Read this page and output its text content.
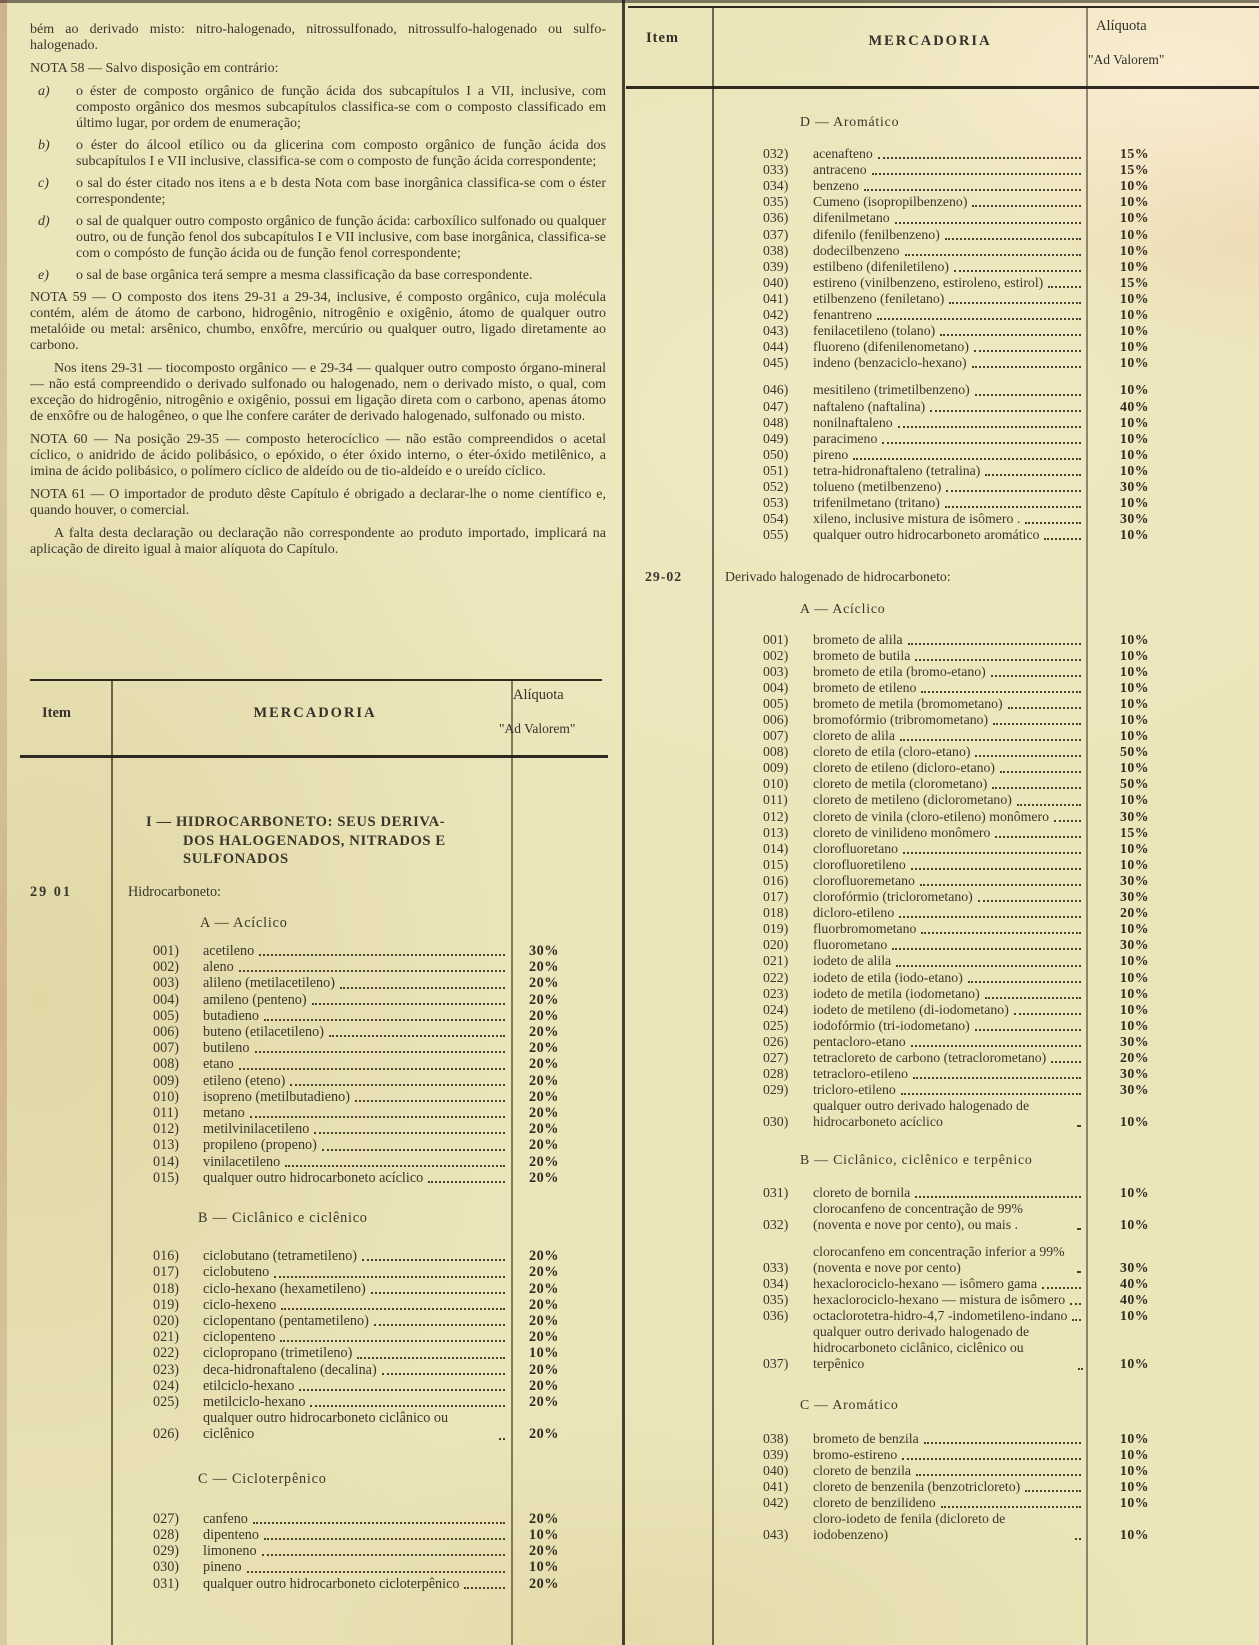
bém ao derivado misto: nitro-halogenado, nitrossulfonado, nitrossulfo-halogenado ou sulfo-halogenado.

NOTA 58 — Salvo disposição em contrário:

a)	o éster de composto orgânico de função ácida dos subcapítulos I a VII, inclusive, com composto orgânico dos mesmos subcapítulos classifica-se com o composto classificado em último lugar, por ordem de enumeração;
b)	o éster do álcool etílico ou da glicerina com composto orgânico de função ácida dos subcapítulos I e VII inclusive, classifica-se com o composto de função ácida correspondente;
c)	o sal do éster citado nos itens a e b desta Nota com base inorgânica classifica-se com o éster correspondente;
d)	o sal de qualquer outro composto orgânico de função ácida: carboxílico sulfonado ou qualquer outro, ou de função fenol dos subcapítulos I e VII inclusive, com base inorgânica, classifica-se com o compósto de função ácida ou de função fenol correspondente;
e)	o sal de base orgânica terá sempre a mesma classificação da base correspondente.

NOTA 59 — O composto dos itens 29-31 a 29-34, inclusive, é composto orgânico, cuja molécula contém, além de átomo de carbono, hidrogênio, nitrogênio e oxigênio, átomo de qualquer outro metalóide ou metal: arsênico, chumbo, enxôfre, mercúrio ou qualquer outro, ligado diretamente ao carbono.

Nos itens 29-31 — tiocomposto orgânico — e 29-34 — qualquer outro composto órgano-mineral — não está compreendido o derivado sulfonado ou halogenado, nem o derivado misto, o qual, com exceção do hidrogênio, nitrogênio e oxigênio, possui em ligação direta com o carbono, apenas átomo de enxôfre ou de halogêneo, o que lhe confere caráter de derivado halogenado, sulfonado ou misto.

NOTA 60 — Na posição 29-35 — composto heterocíclico — não estão compreendidos o acetal cíclico, o anidrido de ácido polibásico, o epóxido, o éter óxido interno, o éter-óxido metilênico, a imina de ácido polibásico, o polímero cíclico de aldeído ou de tio-aldeído e o ureído cíclico.

NOTA 61 — O importador de produto dêste Capítulo é obrigado a declarar-lhe o nome científico e, quando houver, o comercial.

A falta desta declaração ou declaração não correspondente ao produto importado, implicará na aplicação de direito igual à maior alíquota do Capítulo.

Item	MERCADORIA
Alíquota
"Ad Valorem"
Item	MERCADORIA
Alíquota
"Ad Valorem"
I — HIDROCARBONETO: SEUS DERIVA-
DOS HALOGENADOS, NITRADOS E
SULFONADOS
29 01	Hidrocarboneto:
A — Acíclico
001)	acetileno	30%
002)	aleno	20%
003)	alileno (metilacetileno)	20%
004)	amileno (penteno)	20%
005)	butadieno	20%
006)	buteno (etilacetileno)	20%
007)	butileno	20%
008)	etano	20%
009)	etileno (eteno)	20%
010)	isopreno (metilbutadieno)	20%
011)	metano	20%
012)	metilvinilacetileno	20%
013)	propileno (propeno)	20%
014)	vinilacetileno	20%
015)	qualquer outro hidrocarboneto acíclico	20%
B — Ciclânico e ciclênico
016)	ciclobutano (tetrametileno)	20%
017)	ciclobuteno	20%
018)	ciclo-hexano (hexametileno)	20%
019)	ciclo-hexeno	20%
020)	ciclopentano (pentametileno)	20%
021)	ciclopenteno	20%
022)	ciclopropano (trimetileno)	10%
023)	deca-hidronaftaleno (decalina)	20%
024)	etilciclo-hexano	20%
025)	metilciclo-hexano	20%
026)
qualquer outro hidrocarboneto ciclânico ou ciclênico	20%
C — Cicloterpênico
027)	canfeno	20%
028)	dipenteno	10%
029)	limoneno	20%
030)	pineno	10%
031)	qualquer outro hidrocarboneto cicloterpênico	20%
D — Aromático
032)	acenafteno	15%
033)	antraceno	15%
034)	benzeno	10%
035)	Cumeno (isopropilbenzeno)	10%
036)	difenilmetano	10%
037)	difenilo (fenilbenzeno)	10%
038)	dodecilbenzeno	10%
039)	estilbeno (difeniletileno)	10%
040)	estireno (vinilbenzeno, estiroleno, estirol)	15%
041)	etilbenzeno (feniletano)	10%
042)	fenantreno	10%
043)	fenilacetileno (tolano)	10%
044)	fluoreno (difenilenometano)	10%
045)	indeno (benzaciclo-hexano)	10%
046)	mesitileno (trimetilbenzeno)	10%
047)	naftaleno (naftalina)	40%
048)	nonilnaftaleno	10%
049)	paracimeno	10%
050)	pireno	10%
051)	tetra-hidronaftaleno (tetralina)	10%
052)	tolueno (metilbenzeno)	30%
053)	trifenilmetano (tritano)	10%
054)	xileno, inclusive mistura de isômero .	30%
055)	qualquer outro hidrocarboneto aromático	10%
29-02	Derivado halogenado de hidrocarboneto:
A — Acíclico
001)	brometo de alila	10%
002)	brometo de butila	10%
003)	brometo de etila (bromo-etano)	10%
004)	brometo de etileno	10%
005)	brometo de metila (bromometano)	10%
006)	bromofórmio (tribromometano)	10%
007)	cloreto de alila	10%
008)	cloreto de etila (cloro-etano)	50%
009)	cloreto de etileno (dicloro-etano)	10%
010)	cloreto de metila (clorometano)	50%
011)	cloreto de metileno (diclorometano)	10%
012)	cloreto de vinila (cloro-etileno) monômero	30%
013)	cloreto de vinilideno monômero	15%
014)	clorofluoretano	10%
015)	clorofluoretileno	10%
016)	clorofluoremetano	30%
017)	clorofórmio (triclorometano)	30%
018)	dicloro-etileno	20%
019)	fluorbromometano	10%
020)	fluorometano	30%
021)	iodeto de alila	10%
022)	iodeto de etila (iodo-etano)	10%
023)	iodeto de metila (iodometano)	10%
024)	iodeto de metileno (di-iodometano)	10%
025)	iodofórmio (tri-iodometano)	10%
026)	pentacloro-etano	30%
027)	tetracloreto de carbono (tetraclorometano)	20%
028)	tetracloro-etileno	30%
029)	tricloro-etileno	30%
030)
qualquer outro derivado halogenado de hidrocarboneto acíclico	10%
B — Ciclânico, ciclênico e terpênico
031)	cloreto de bornila	10%
032)
clorocanfeno de concentração de 99% (noventa e nove por cento), ou mais .	10%
033)
clorocanfeno em concentração inferior a 99% (noventa e nove por cento)	30%
034)	hexaclorociclo-hexano — isômero gama	40%
035)	hexaclorociclo-hexano — mistura de isômero	40%
036)	octaclorotetra-hidro-4,7 -indometileno-indano	10%
037)
qualquer outro derivado halogenado de hidrocarboneto ciclânico, ciclênico ou terpênico	10%
C — Aromático
038)	brometo de benzila	10%
039)	bromo-estireno	10%
040)	cloreto de benzila	10%
041)	cloreto de benzenila (benzotricloreto)	10%
042)	cloreto de benzilideno	10%
043)
cloro-iodeto de fenila (dicloreto de iodobenzeno)	10%
